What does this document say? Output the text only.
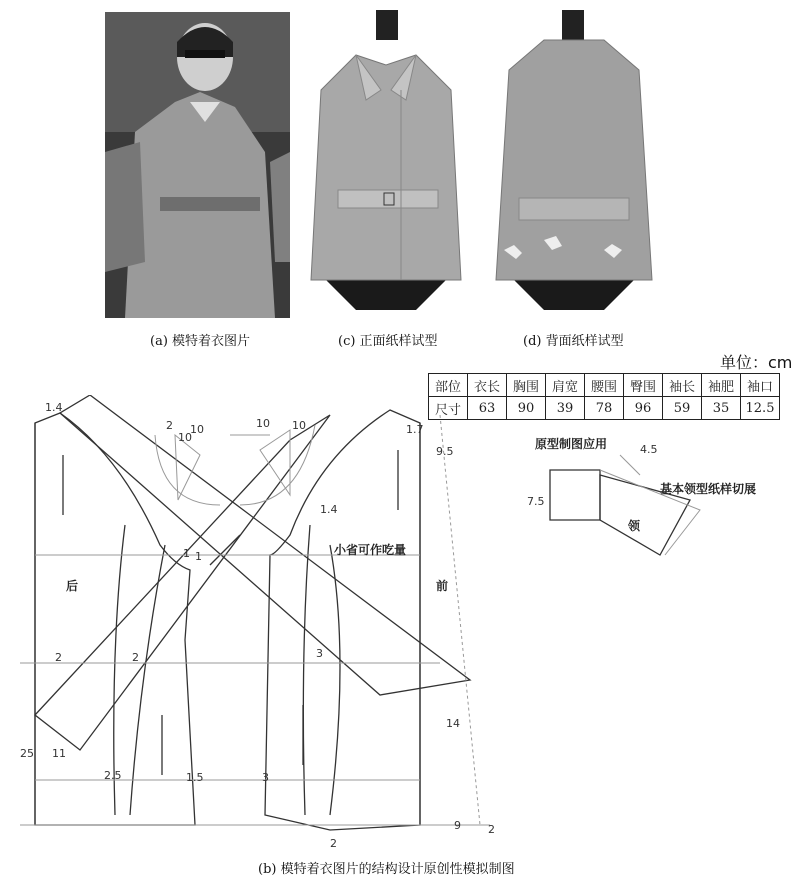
(a) 模特着衣图片	(c) 正面纸样试型	(d) 背面纸样试型
单位：cm
部位	衣长	胸围	肩宽	腰围	臀围	袖长	袖肥	袖口
尺寸	63	90	39	78	96	59	35	12.5
后	前
小省可作吃量
原型制图应用
基本领型纸样切展
领
1.4
2 10	10
10
10	1.7
9.5
1.4
1 1
2	2	3
14
25 11
2.5	1.5	3
2
9 2
4.5
7.5
(b) 模特着衣图片的结构设计原创性模拟制图
